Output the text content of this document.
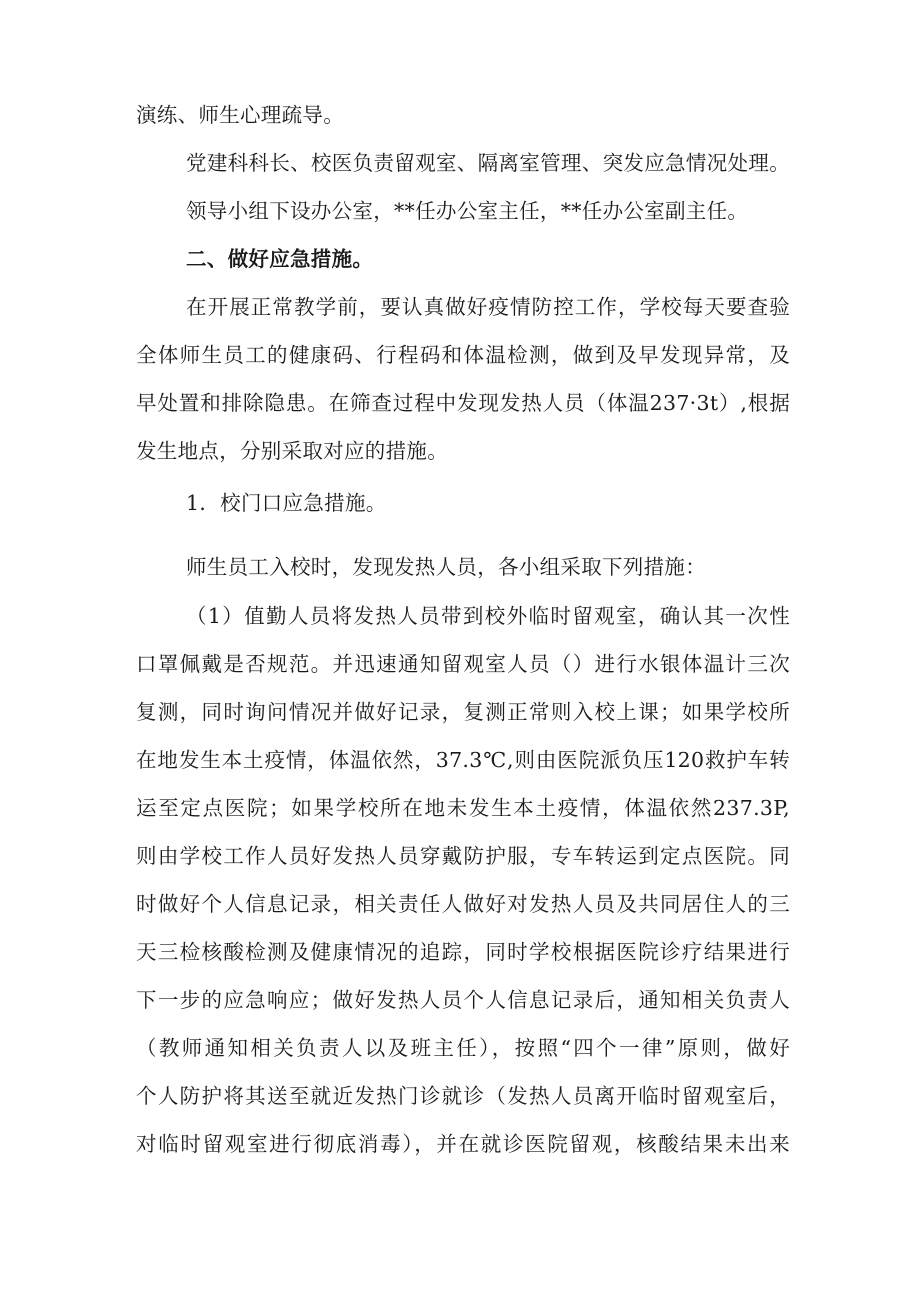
演练、师生心理疏导。
党建科科长、校医负责留观室、隔离室管理、突发应急情况处理。
领导小组下设办公室，**任办公室主任，**任办公室副主任。
二、做好应急措施。
在开展正常教学前，要认真做好疫情防控工作，学校每天要查验
全体师生员工的健康码、行程码和体温检测，做到及早发现异常，及
早处置和排除隐患。在筛查过程中发现发热人员（体温237·3t）,根据
发生地点，分别采取对应的措施。
1．校门口应急措施。
师生员工入校时，发现发热人员，各小组采取下列措施：
（1）值勤人员将发热人员带到校外临时留观室，确认其一次性
口罩佩戴是否规范。并迅速通知留观室人员（）进行水银体温计三次
复测，同时询问情况并做好记录，复测正常则入校上课；如果学校所
在地发生本土疫情，体温依然，37.3℃,则由医院派负压120救护车转
运至定点医院；如果学校所在地未发生本土疫情，体温依然237.3P,
则由学校工作人员好发热人员穿戴防护服，专车转运到定点医院。同
时做好个人信息记录，相关责任人做好对发热人员及共同居住人的三
天三检核酸检测及健康情况的追踪，同时学校根据医院诊疗结果进行
下一步的应急响应；做好发热人员个人信息记录后，通知相关负责人
（教师通知相关负责人以及班主任），按照“四个一律”原则，做好
个人防护将其送至就近发热门诊就诊（发热人员离开临时留观室后，
对临时留观室进行彻底消毒），并在就诊医院留观，核酸结果未出来
